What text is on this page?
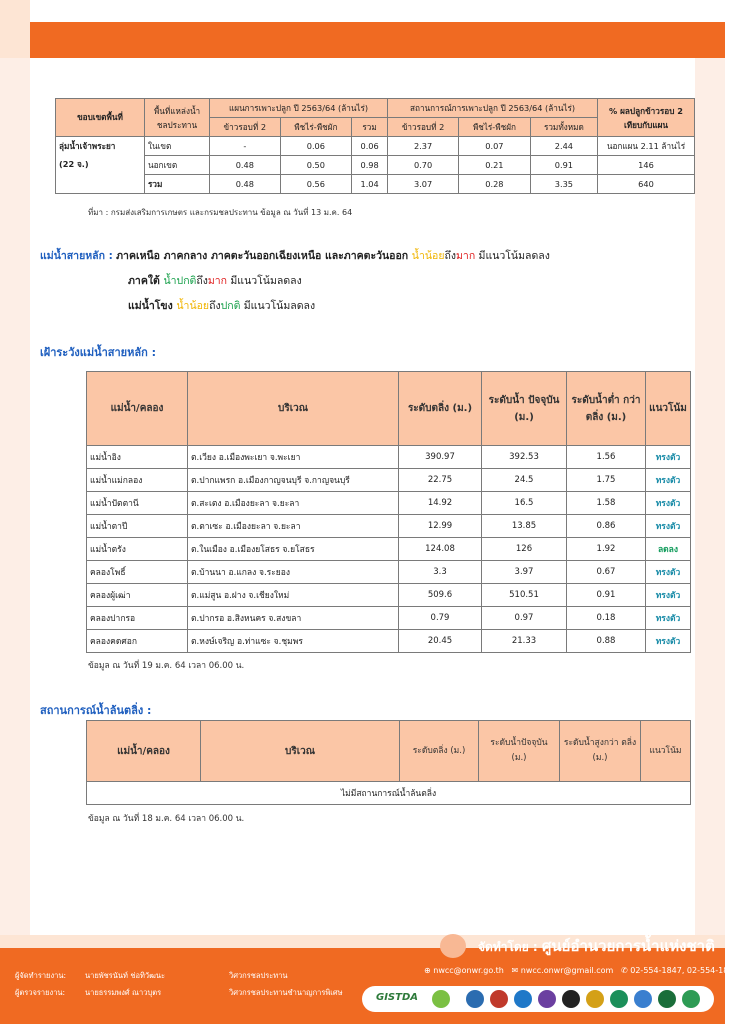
ขอบเขตพื้นที่	พื้นที่แหล่งน้ำ ชลประทาน	แผนการเพาะปลูก ปี 2563/64 (ล้านไร่)			สถานการณ์การเพาะปลูก ปี 2563/64 (ล้านไร่)			% ผลปลูกข้าวรอบ 2 เทียบกับแผน
		ข้าวรอบที่ 2	พืชไร่-พืชผัก	รวม	ข้าวรอบที่ 2	พืชไร่-พืชผัก	รวมทั้งหมด	
ลุ่มน้ำเจ้าพระยา
(22 จ.)	ในเขต	-	0.06	0.06	2.37	0.07	2.44	นอกแผน 2.11 ล้านไร่
	นอกเขต	0.48	0.50	0.98	0.70	0.21	0.91	146
	รวม	0.48	0.56	1.04	3.07	0.28	3.35	640
ที่มา : กรมส่งเสริมการเกษตร และกรมชลประทาน ข้อมูล ณ วันที่ 13 ม.ค. 64
แม่น้ำสายหลัก : ภาคเหนือ ภาคกลาง ภาคตะวันออกเฉียงเหนือ และภาคตะวันออก น้ำน้อยถึงมาก มีแนวโน้มลดลง
ภาคใต้ น้ำปกติถึงมาก มีแนวโน้มลดลง
แม่น้ำโขง น้ำน้อยถึงปกติ มีแนวโน้มลดลง
เฝ้าระวังแม่น้ำสายหลัก :
แม่น้ำ/คลอง	บริเวณ	ระดับตลิ่ง (ม.)	ระดับน้ำ ปัจจุบัน (ม.)	ระดับน้ำต่ำ กว่าตลิ่ง (ม.)	แนวโน้ม
แม่น้ำอิง	ต.เวียง อ.เมืองพะเยา จ.พะเยา	390.97	392.53	1.56	ทรงตัว
แม่น้ำแม่กลอง	ต.ปากแพรก อ.เมืองกาญจนบุรี จ.กาญจนบุรี	22.75	24.5	1.75	ทรงตัว
แม่น้ำปัตตานี	ต.สะเตง อ.เมืองยะลา จ.ยะลา	14.92	16.5	1.58	ทรงตัว
แม่น้ำตาปี	ต.ตาเซะ อ.เมืองยะลา จ.ยะลา	12.99	13.85	0.86	ทรงตัว
แม่น้ำตรัง	ต.ในเมือง อ.เมืองยโสธร จ.ยโสธร	124.08	126	1.92	ลดลง
คลองโพธิ์	ต.บ้านนา อ.แกลง จ.ระยอง	3.3	3.97	0.67	ทรงตัว
คลองผู้เฒ่า	ต.แม่สูน อ.ฝาง จ.เชียงใหม่	509.6	510.51	0.91	ทรงตัว
คลองปากรอ	ต.ปากรอ อ.สิงหนคร จ.สงขลา	0.79	0.97	0.18	ทรงตัว
คลองคดศอก	ต.หงษ์เจริญ อ.ท่าแซะ จ.ชุมพร	20.45	21.33	0.88	ทรงตัว
ข้อมูล ณ วันที่ 19 ม.ค. 64 เวลา 06.00 น.
สถานการณ์น้ำล้นตลิ่ง :
แม่น้ำ/คลอง	บริเวณ	ระดับตลิ่ง (ม.)	ระดับน้ำปัจจุบัน (ม.)	ระดับน้ำสูงกว่า ตลิ่ง (ม.)	แนวโน้ม
ไม่มีสถานการณ์น้ำล้นตลิ่ง
ข้อมูล ณ วันที่ 18 ม.ค. 64 เวลา 06.00 น.
ผู้จัดทำรายงาน:	นายพัชรนันท์ ช่อทิวัฒนะ	วิศวกรชลประทาน
ผู้ตรวจรายงาน:	นายธรรมพงศ์ ณาวบุตร	วิศวกรชลประทานชำนาญการพิเศษ
จัดทำโดย : ศูนย์อำนวยการน้ำแห่งชาติ
⊕ nwcc@onwr.go.th ✉ nwcc.onwr@gmail.com ✆ 02-554-1847, 02-554-1800
GISTDA
